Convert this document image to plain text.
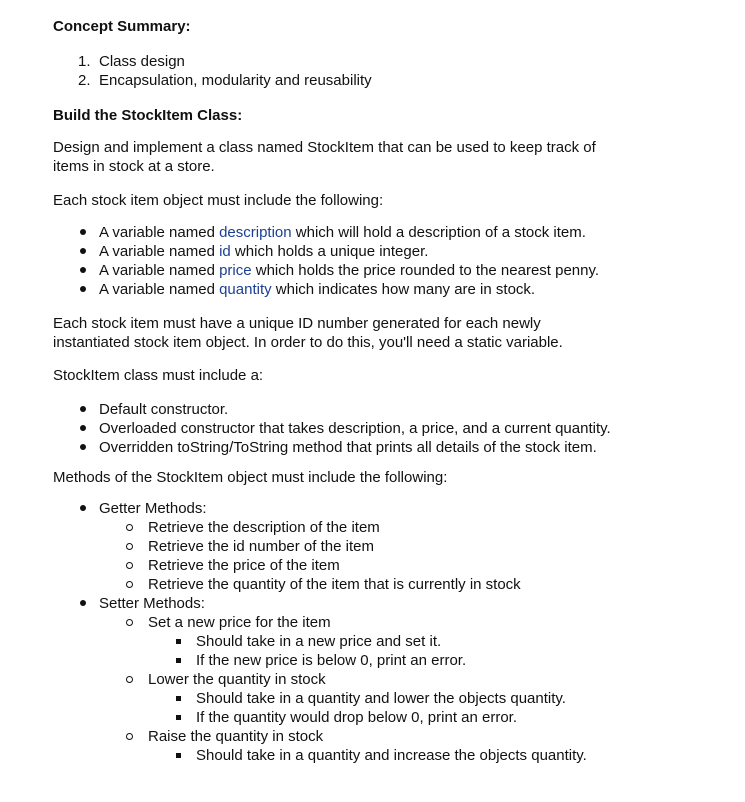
Concept Summary:
1. Class design
2. Encapsulation, modularity and reusability
Build the StockItem Class:
Design and implement a class named StockItem that can be used to keep track of
items in stock at a store.
Each stock item object must include the following:
A variable named description which will hold a description of a stock item.
A variable named id which holds a unique integer.
A variable named price which holds the price rounded to the nearest penny.
A variable named quantity which indicates how many are in stock.
Each stock item must have a unique ID number generated for each newly
instantiated stock item object. In order to do this, you'll need a static variable.
StockItem class must include a:
Default constructor.
Overloaded constructor that takes description, a price, and a current quantity.
Overridden toString/ToString method that prints all details of the stock item.
Methods of the StockItem object must include the following:
Getter Methods:
Retrieve the description of the item
Retrieve the id number of the item
Retrieve the price of the item
Retrieve the quantity of the item that is currently in stock
Setter Methods:
Set a new price for the item
Should take in a new price and set it.
If the new price is below 0, print an error.
Lower the quantity in stock
Should take in a quantity and lower the objects quantity.
If the quantity would drop below 0, print an error.
Raise the quantity in stock
Should take in a quantity and increase the objects quantity.
